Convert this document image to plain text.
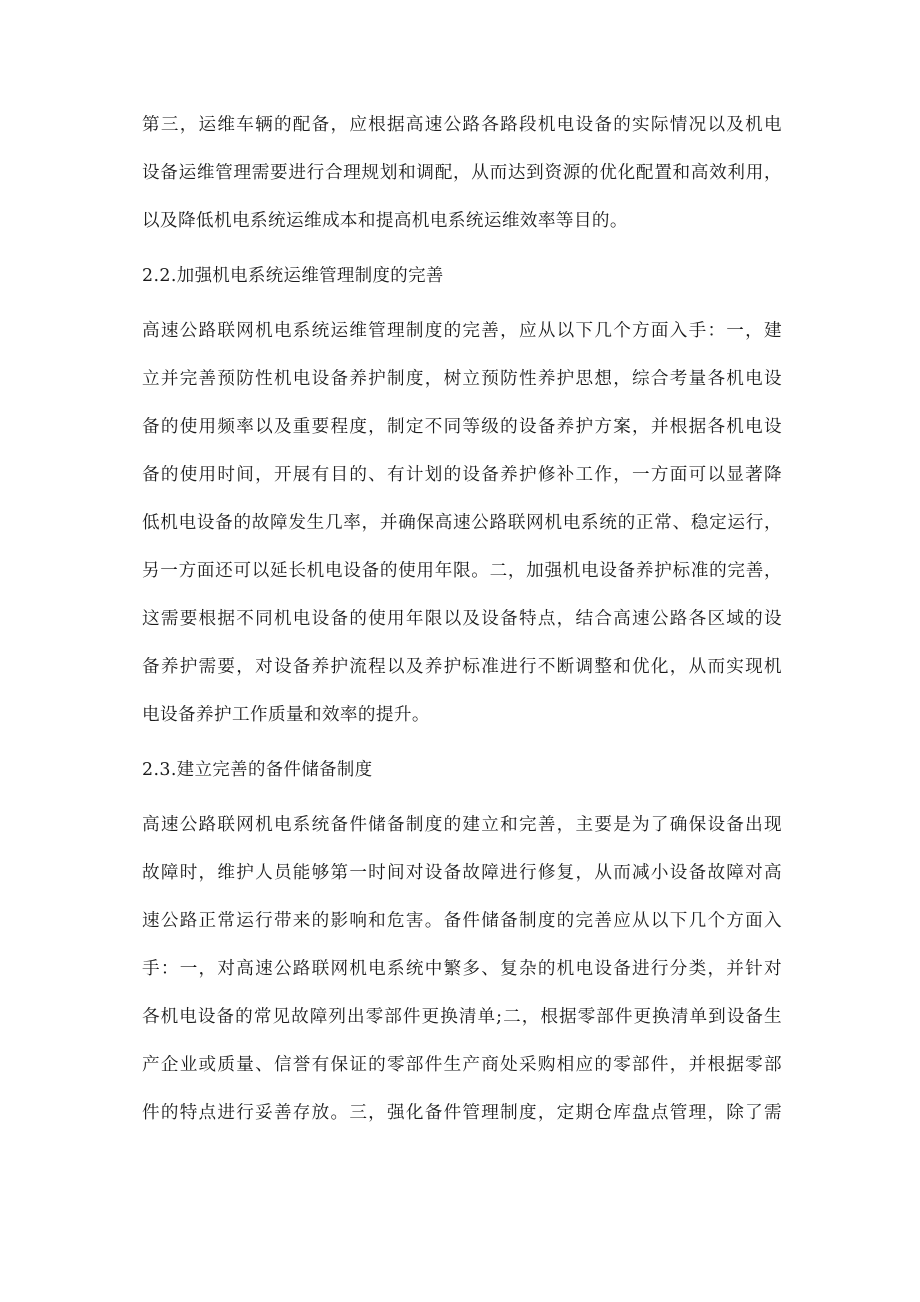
第三，运维车辆的配备，应根据高速公路各路段机电设备的实际情况以及机电
设备运维管理需要进行合理规划和调配，从而达到资源的优化配置和高效利用，
以及降低机电系统运维成本和提高机电系统运维效率等目的。
2.2.加强机电系统运维管理制度的完善
高速公路联网机电系统运维管理制度的完善，应从以下几个方面入手：一，建
立并完善预防性机电设备养护制度，树立预防性养护思想，综合考量各机电设
备的使用频率以及重要程度，制定不同等级的设备养护方案，并根据各机电设
备的使用时间，开展有目的、有计划的设备养护修补工作，一方面可以显著降
低机电设备的故障发生几率，并确保高速公路联网机电系统的正常、稳定运行，
另一方面还可以延长机电设备的使用年限。二，加强机电设备养护标准的完善，
这需要根据不同机电设备的使用年限以及设备特点，结合高速公路各区域的设
备养护需要，对设备养护流程以及养护标准进行不断调整和优化，从而实现机
电设备养护工作质量和效率的提升。
2.3.建立完善的备件储备制度
高速公路联网机电系统备件储备制度的建立和完善，主要是为了确保设备出现
故障时，维护人员能够第一时间对设备故障进行修复，从而减小设备故障对高
速公路正常运行带来的影响和危害。备件储备制度的完善应从以下几个方面入
手：一，对高速公路联网机电系统中繁多、复杂的机电设备进行分类，并针对
各机电设备的常见故障列出零部件更换清单;二，根据零部件更换清单到设备生
产企业或质量、信誉有保证的零部件生产商处采购相应的零部件，并根据零部
件的特点进行妥善存放。三，强化备件管理制度，定期仓库盘点管理，除了需
